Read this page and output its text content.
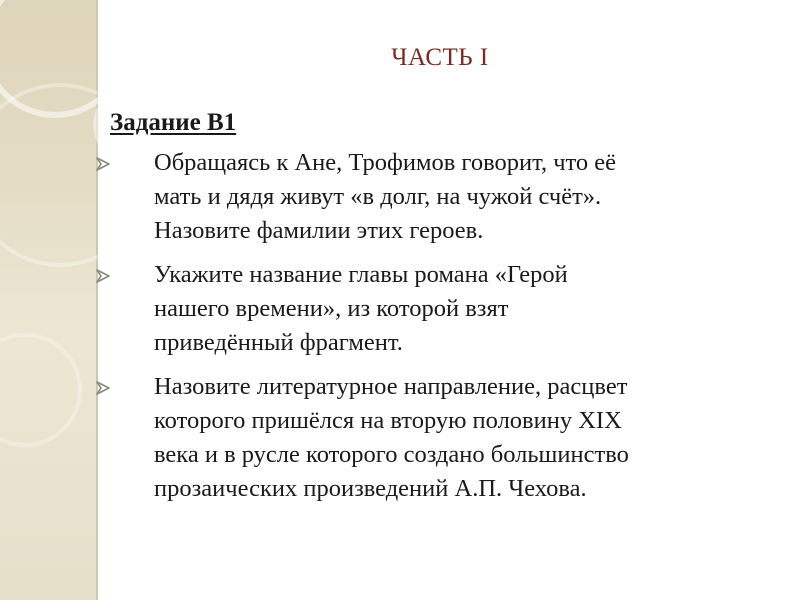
ЧАСТЬ I
Задание В1
Обращаясь к Ане, Трофимов говорит, что её
мать и дядя живут «в долг, на чужой счёт».
Назовите фамилии этих героев.
Укажите название главы романа «Герой
нашего времени», из которой взят
приведённый фрагмент.
Назовите литературное направление, расцвет
которого пришёлся на вторую половину XIX
века и в русле которого создано большинство
прозаических произведений А.П. Чехова.
